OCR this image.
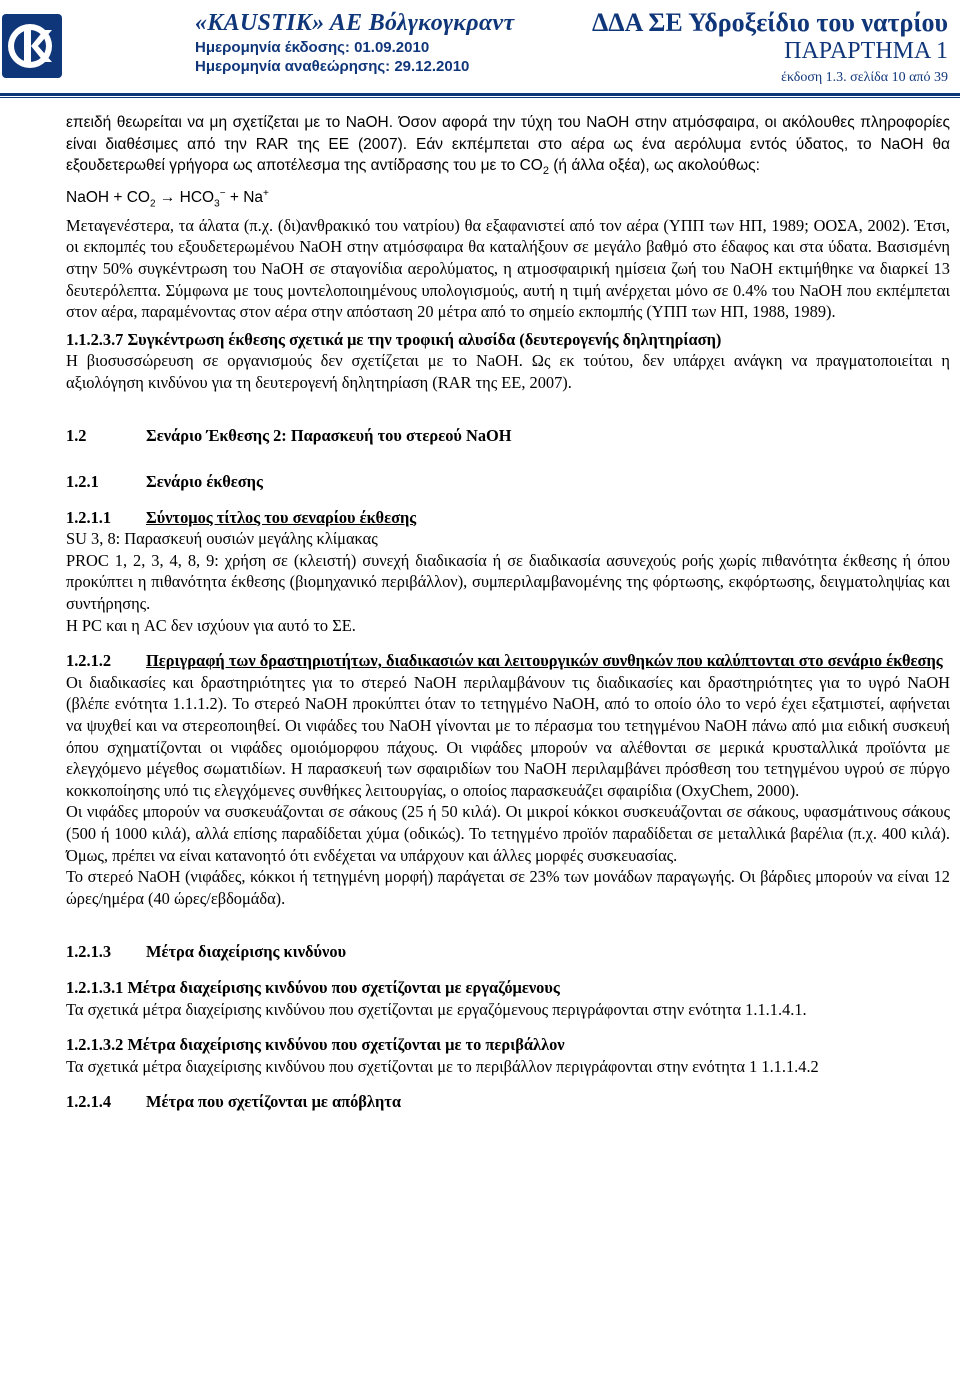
«KAUSTIK» AE Βόλγκογκραντ
Ημερομηνία έκδοσης: 01.09.2010
Ημερομηνία αναθεώρησης: 29.12.2010
ΔΔΑ ΣΕ Υδροξείδιο του νατρίου
ΠΑΡΑΡΤΗΜΑ 1
έκδοση 1.3. σελίδα 10 από 39

επειδή θεωρείται να μη σχετίζεται με το NaOH. Όσον αφορά την τύχη του NaOH στην ατμόσφαιρα, οι ακόλουθες πληροφορίες είναι διαθέσιμες από την RAR της ΕΕ (2007). Εάν εκπέμπεται στο αέρα ως ένα αερόλυμα εντός ύδατος, το NaOH θα εξουδετερωθεί γρήγορα ως αποτέλεσμα της αντίδρασης του με το $CO_2$ (ή άλλα οξέα), ως ακολούθως:

NaOH + $CO_2 \to HCO_3^- + Na^+$

Μεταγενέστερα, τα άλατα (π.χ. (δι)ανθρακικό του νατρίου) θα εξαφανιστεί από τον αέρα (ΥΠΠ των ΗΠ, 1989; ΟΟΣΑ, 2002). Έτσι, οι εκπομπές του εξουδετερωμένου NaOH στην ατμόσφαιρα θα καταλήξουν σε μεγάλο βαθμό στο έδαφος και στα ύδατα. Βασισμένη στην 50% συγκέντρωση του NaOH σε σταγονίδια αερολύματος, η ατμοσφαιρική ημίσεια ζωή του NaOH εκτιμήθηκε να διαρκεί 13 δευτερόλεπτα. Σύμφωνα με τους μοντελοποιημένους υπολογισμούς, αυτή η τιμή ανέρχεται μόνο σε 0.4% του NaOH που εκπέμπεται στον αέρα, παραμένοντας στον αέρα στην απόσταση 20 μέτρα από το σημείο εκπομπής (ΥΠΠ των ΗΠ, 1988, 1989).

1.1.2.3.7 Συγκέντρωση έκθεσης σχετικά με την τροφική αλυσίδα (δευτερογενής δηλητηρίαση)

Η βιοσυσσώρευση σε οργανισμούς δεν σχετίζεται με το NaOH. Ως εκ τούτου, δεν υπάρχει ανάγκη να πραγματοποιείται η αξιολόγηση κινδύνου για τη δευτερογενή δηλητηρίαση (RAR της ΕΕ, 2007).

1.2	Σενάριο Έκθεσης 2: Παρασκευή του στερεού NaOH

1.2.1	Σενάριο έκθεσης

1.2.1.1 Σύντομος τίτλος του σεναρίου έκθεσης

SU 3, 8: Παρασκευή ουσιών μεγάλης κλίμακας

PROC 1, 2, 3, 4, 8, 9: χρήση σε (κλειστή) συνεχή διαδικασία ή σε διαδικασία ασυνεχούς ροής χωρίς πιθανότητα έκθεσης ή όπου προκύπτει η πιθανότητα έκθεσης (βιομηχανικό περιβάλλον), συμπεριλαμβανομένης της φόρτωσης, εκφόρτωσης, δειγματοληψίας και συντήρησης.

Η PC και η AC δεν ισχύουν για αυτό το ΣΕ.

1.2.1.2 Περιγραφή των δραστηριοτήτων, διαδικασιών και λειτουργικών συνθηκών που καλύπτονται στο σενάριο έκθεσης

Οι διαδικασίες και δραστηριότητες για το στερεό NaOH περιλαμβάνουν τις διαδικασίες και δραστηριότητες για το υγρό NaOH (βλέπε ενότητα 1.1.1.2). Το στερεό NaOH προκύπτει όταν το τετηγμένο NaOH, από το οποίο όλο το νερό έχει εξατμιστεί, αφήνεται να ψυχθεί και να στερεοποιηθεί. Οι νιφάδες του NaOH γίνονται με το πέρασμα του τετηγμένου NaOH πάνω από μια ειδική συσκευή όπου σχηματίζονται οι νιφάδες ομοιόμορφου πάχους. Οι νιφάδες μπορούν να αλέθονται σε μερικά κρυσταλλικά προϊόντα με ελεγχόμενο μέγεθος σωματιδίων. Η παρασκευή των σφαιριδίων του NaOH περιλαμβάνει πρόσθεση του τετηγμένου υγρού σε πύργο κοκκοποίησης υπό τις ελεγχόμενες συνθήκες λειτουργίας, ο οποίος παρασκευάζει σφαιρίδια (OxyChem, 2000).

Οι νιφάδες μπορούν να συσκευάζονται σε σάκους (25 ή 50 κιλά). Οι μικροί κόκκοι συσκευάζονται σε σάκους, υφασμάτινους σάκους (500 ή 1000 κιλά), αλλά επίσης παραδίδεται χύμα (οδικώς). Το τετηγμένο προϊόν παραδίδεται σε μεταλλικά βαρέλια (π.χ. 400 κιλά). Όμως, πρέπει να είναι κατανοητό ότι ενδέχεται να υπάρχουν και άλλες μορφές συσκευασίας.

Το στερεό NaOH (νιφάδες, κόκκοι ή τετηγμένη μορφή) παράγεται σε 23% των μονάδων παραγωγής. Οι βάρδιες μπορούν να είναι 12 ώρες/ημέρα (40 ώρες/εβδομάδα).

1.2.1.3 Μέτρα διαχείρισης κινδύνου

1.2.1.3.1 Μέτρα διαχείρισης κινδύνου που σχετίζονται με εργαζόμενους

Τα σχετικά μέτρα διαχείρισης κινδύνου που σχετίζονται με εργαζόμενους περιγράφονται στην ενότητα 1.1.1.4.1.

1.2.1.3.2 Μέτρα διαχείρισης κινδύνου που σχετίζονται με το περιβάλλον

Τα σχετικά μέτρα διαχείρισης κινδύνου που σχετίζονται με το περιβάλλον περιγράφονται στην ενότητα 1 1.1.1.4.2

1.2.1.4 Μέτρα που σχετίζονται με απόβλητα
